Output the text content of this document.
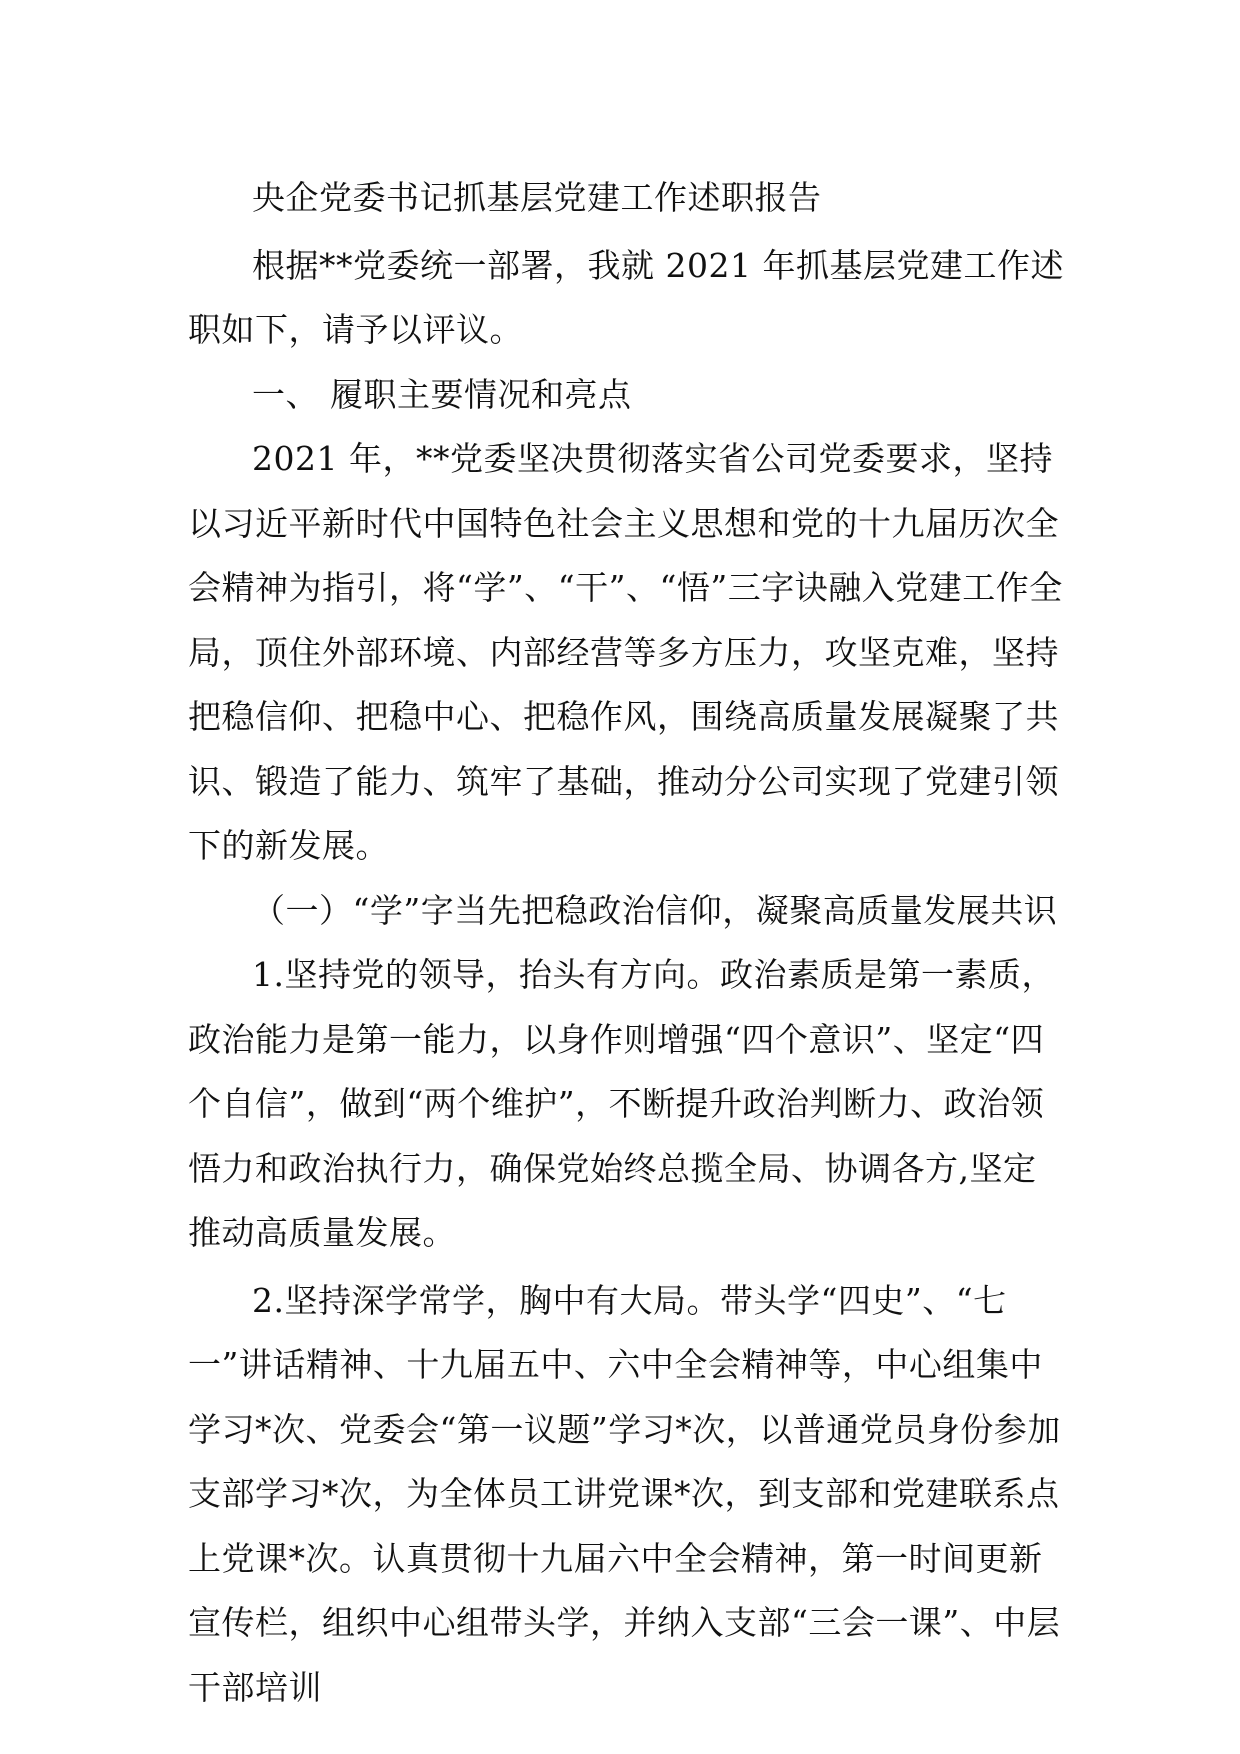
央企党委书记抓基层党建工作述职报告

根据**党委统一部署，我就 2021 年抓基层党建工作述职如下，请予以评议。

一、 履职主要情况和亮点

2021 年，**党委坚决贯彻落实省公司党委要求，坚持以习近平新时代中国特色社会主义思想和党的十九届历次全会精神为指引，将“学”、“干”、“悟”三字诀融入党建工作全局，顶住外部环境、内部经营等多方压力，攻坚克难，坚持把稳信仰、把稳中心、把稳作风，围绕高质量发展凝聚了共识、锻造了能力、筑牢了基础，推动分公司实现了党建引领下的新发展。

（一）“学”字当先把稳政治信仰，凝聚高质量发展共识

1.坚持党的领导，抬头有方向。政治素质是第一素质，政治能力是第一能力，以身作则增强“四个意识”、坚定“四个自信”，做到“两个维护”，不断提升政治判断力、政治领悟力和政治执行力，确保党始终总揽全局、协调各方,坚定推动高质量发展。

2.坚持深学常学，胸中有大局。带头学“四史”、“七一”讲话精神、十九届五中、六中全会精神等，中心组集中学习*次、党委会“第一议题”学习*次，以普通党员身份参加支部学习*次，为全体员工讲党课*次，到支部和党建联系点上党课*次。认真贯彻十九届六中全会精神，第一时间更新宣传栏，组织中心组带头学，并纳入支部“三会一课”、中层干部培训
